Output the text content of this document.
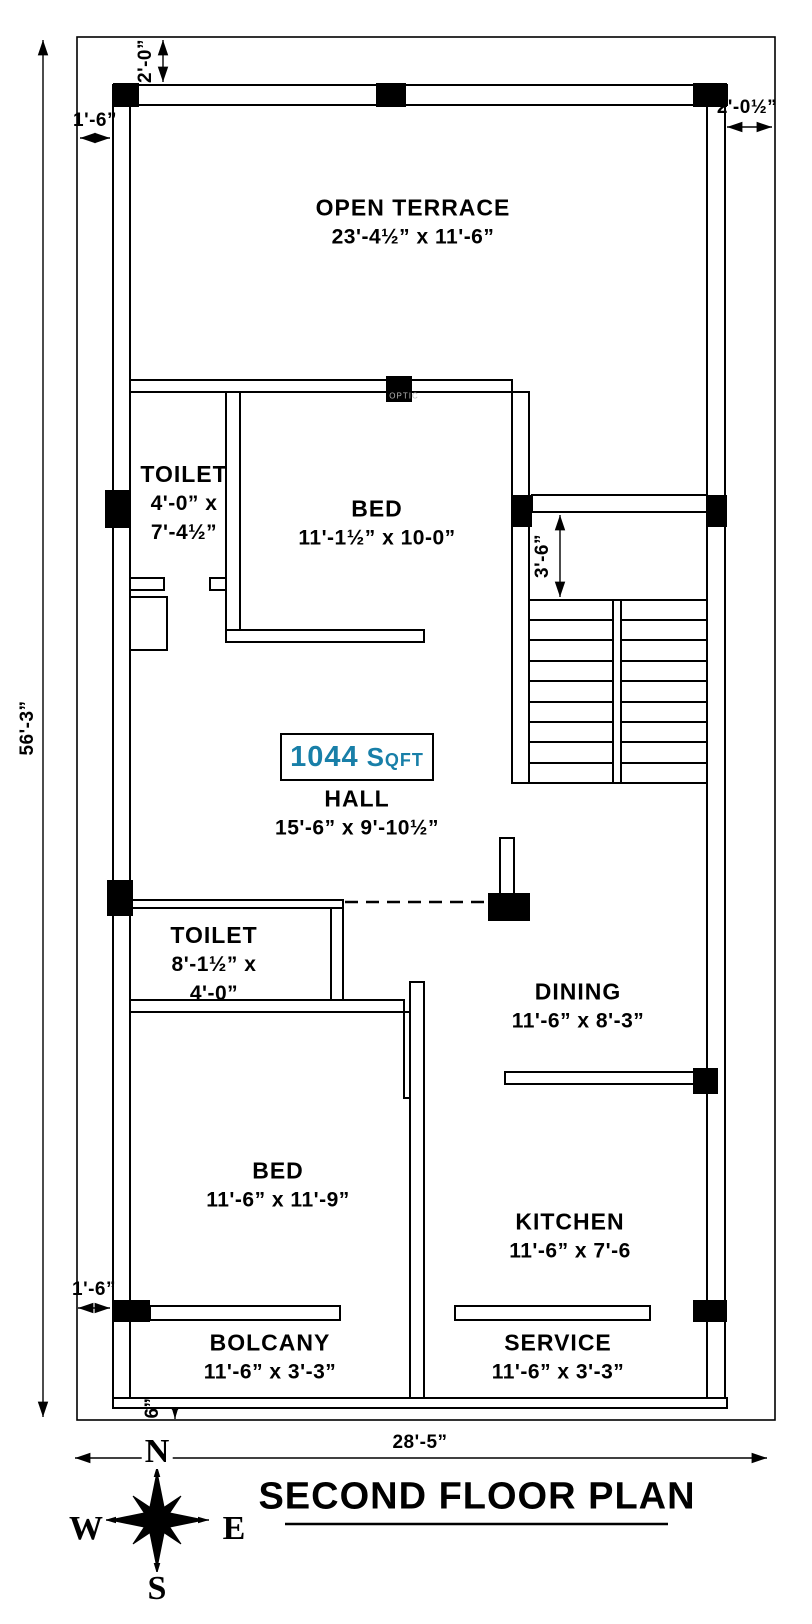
OPEN TERRACE
23'-4½” x 11'-6”
TOILET
4'-0” x
7'-4½”
BED
11'-1½” x 10-0”
1044 Sqft
HALL
15'-6” x 9'-10½”
TOILET
8'-1½” x
4'-0”	DINING
11'-6” x 8'-3”
BED
11'-6” x 11'-9”
KITCHEN
11'-6” x 7'-6
BOLCANY
11'-6” x 3'-3”
SERVICE
11'-6” x 3'-3”
56'-3”
2'-0”
1'-6”
2'-0½”
3'-6”
1'-6”
6”
28'-5”
N
W	E
S
SECOND FLOOR PLAN
OPTIC
